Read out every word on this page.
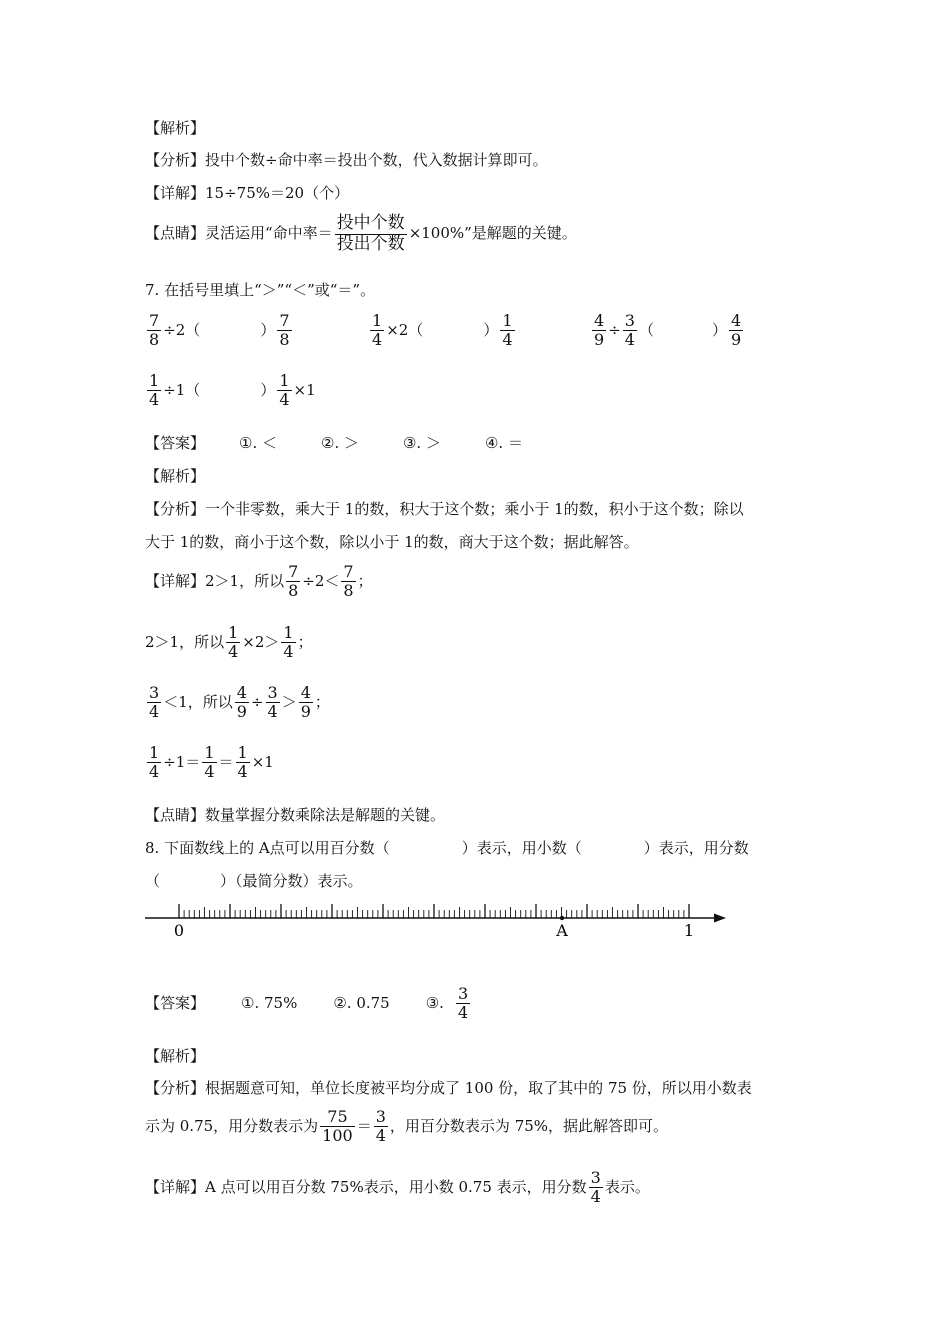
【解析】
【分析】投中个数÷命中率＝投出个数，代入数据计算即可。
【详解】15÷75%＝20（个）
【点睛】灵活运用“命中率＝ $\frac{\text{投中个数}}{\text{投出个数}} \times 100\%$”是解题的关键。
7. 在括号里填上“＞”“＜”或“＝”。
$\frac{7}{8} \div 2$（	） $\frac{7}{8}$	$\frac{1}{4} \times 2$（	） $\frac{1}{4}$	$\frac{4}{9} \div \frac{3}{4}$ （	） $\frac{4}{9}$
$\frac{1}{4} \div 1$（	） $\frac{1}{4} \times 1$
【答案】 ①. ＜	②. ＞	③. ＞	④. ＝
【解析】
【分析】一个非零数，乘大于 1的数，积大于这个数；乘小于 1的数，积小于这个数；除以
大于 1的数，商小于这个数，除以小于 1的数，商大于这个数；据此解答。
【详解】2＞1，所以 $\frac{7}{8} \div 2< \frac{7}{8}$ ；
2＞1，所以 $\frac{1}{4} \times 2> \frac{1}{4}$ ；
$\frac{3}{4} <1$，所以 $\frac{4}{9} \div \frac{3}{4} > \frac{4}{9}$ ；
$\frac{1}{4} \div 1= \frac{1}{4} = \frac{1}{4} \times 1$
【点睛】数量掌握分数乘除法是解题的关键。
8. 下面数线上的 A点可以用百分数（	）表示，用小数（	）表示，用分数
（	）（最简分数）表示。
0	A	1
【答案】 ①. 75% ②. 0.75 ③. $\frac{3}{4}$
【解析】
【分析】根据题意可知，单位长度被平均分成了 100 份，取了其中的 75 份，所以用小数表
示为 0.75，用分数表示为 $\frac{75}{100} = \frac{3}{4}$ ，用百分数表示为 75%，据此解答即可。
【详解】A 点可以用百分数 75%表示，用小数 0.75 表示，用分数 $\frac{3}{4}$ 表示。
